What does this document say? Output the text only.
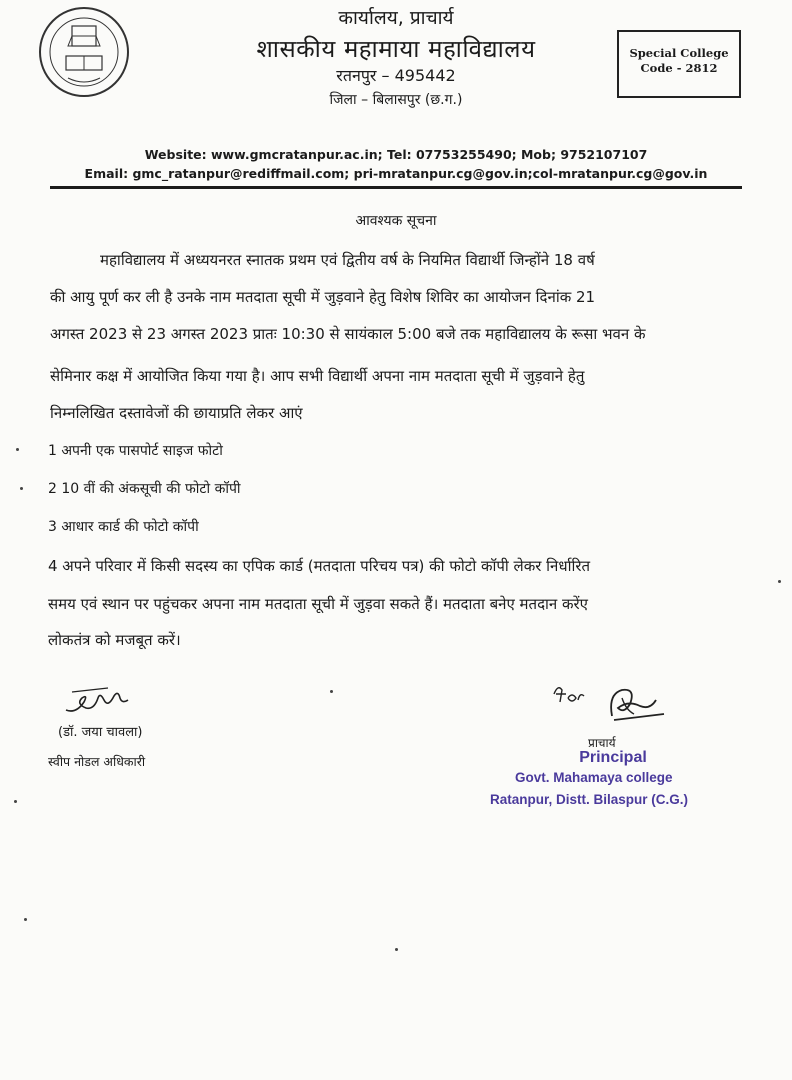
कार्यालय, प्राचार्य
शासकीय महामाया महाविद्यालय
रतनपुर – 495442
जिला – बिलासपुर (छ.ग.)
Special College
Code - 2812
Website: www.gmcratanpur.ac.in; Tel: 07753255490; Mob; 9752107107
Email: gmc_ratanpur@rediffmail.com; pri-mratanpur.cg@gov.in;col-mratanpur.cg@gov.in
आवश्यक सूचना
महाविद्यालय में अध्ययनरत स्नातक प्रथम एवं द्वितीय वर्ष के नियमित विद्यार्थी जिन्होंने 18 वर्ष
की आयु पूर्ण कर ली है उनके नाम मतदाता सूची में जुड़वाने हेतु विशेष शिविर का आयोजन दिनांक 21
अगस्त 2023 से 23 अगस्त 2023 प्रातः 10:30 से सायंकाल 5:00 बजे तक महाविद्यालय के रूसा भवन के
सेमिनार कक्ष में आयोजित किया गया है। आप सभी विद्यार्थी अपना नाम मतदाता सूची में जुड़वाने हेतु
निम्नलिखित दस्तावेजों की छायाप्रति लेकर आएं
1 अपनी एक पासपोर्ट साइज फोटो
2 10 वीं की अंकसूची की फोटो कॉपी
3 आधार कार्ड की फोटो कॉपी
4 अपने परिवार में किसी सदस्य का एपिक कार्ड (मतदाता परिचय पत्र) की फोटो कॉपी लेकर निर्धारित
समय एवं स्थान पर पहुंचकर अपना नाम मतदाता सूची में जुड़वा सकते हैं। मतदाता बनेए मतदान करेंए
लोकतंत्र को मजबूत करें।
(डॉ. जया चावला)
स्वीप नोडल अधिकारी
प्राचार्य
Principal
Govt. Mahamaya college
Ratanpur, Distt. Bilaspur (C.G.)
